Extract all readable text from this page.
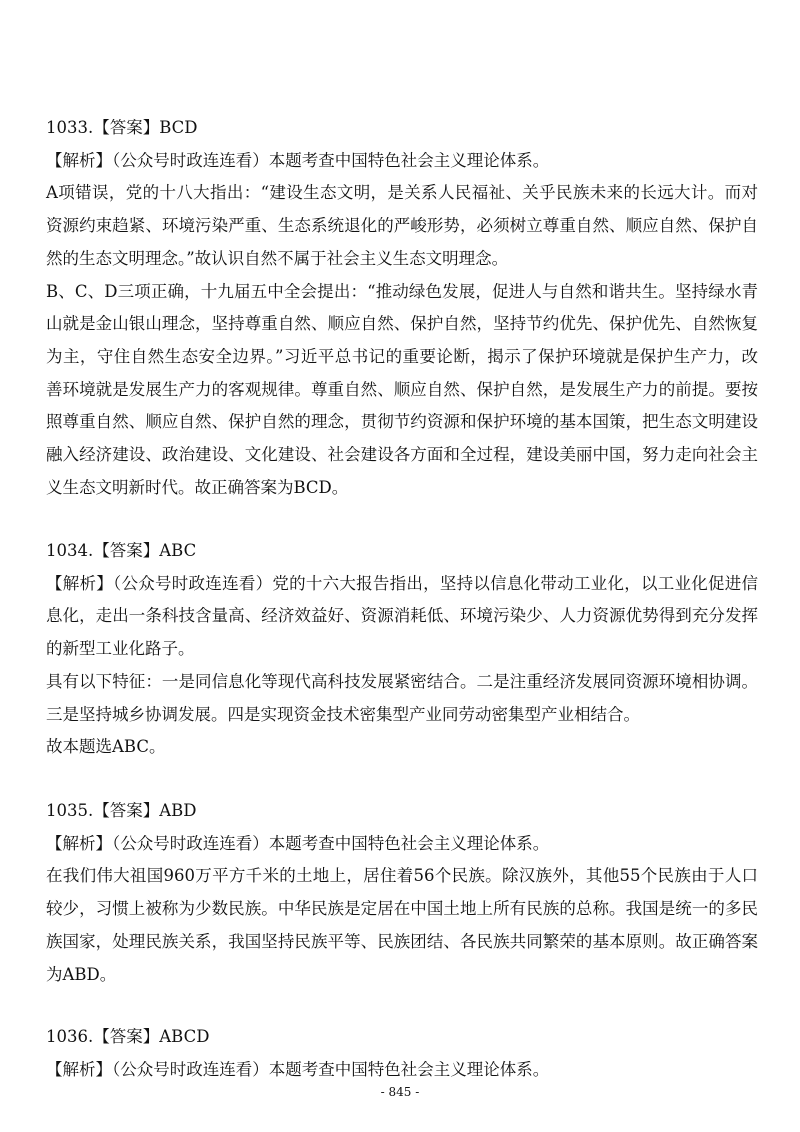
1033.【答案】BCD
【解析】（公众号时政连连看）本题考查中国特色社会主义理论体系。
A项错误，党的十八大指出：“建设生态文明，是关系人民福祉、关乎民族未来的长远大计。而对
资源约束趋紧、环境污染严重、生态系统退化的严峻形势，必须树立尊重自然、顺应自然、保护自
然的生态文明理念。”故认识自然不属于社会主义生态文明理念。
B、C、D三项正确，十九届五中全会提出：“推动绿色发展，促进人与自然和谐共生。坚持绿水青
山就是金山银山理念，坚持尊重自然、顺应自然、保护自然，坚持节约优先、保护优先、自然恢复
为主，守住自然生态安全边界。”习近平总书记的重要论断，揭示了保护环境就是保护生产力，改
善环境就是发展生产力的客观规律。尊重自然、顺应自然、保护自然，是发展生产力的前提。要按
照尊重自然、顺应自然、保护自然的理念，贯彻节约资源和保护环境的基本国策，把生态文明建设
融入经济建设、政治建设、文化建设、社会建设各方面和全过程，建设美丽中国，努力走向社会主
义生态文明新时代。故正确答案为BCD。
1034.【答案】ABC
【解析】（公众号时政连连看）党的十六大报告指出，坚持以信息化带动工业化，以工业化促进信
息化，走出一条科技含量高、经济效益好、资源消耗低、环境污染少、人力资源优势得到充分发挥
的新型工业化路子。
具有以下特征：一是同信息化等现代高科技发展紧密结合。二是注重经济发展同资源环境相协调。
三是坚持城乡协调发展。四是实现资金技术密集型产业同劳动密集型产业相结合。
故本题选ABC。
1035.【答案】ABD
【解析】（公众号时政连连看）本题考查中国特色社会主义理论体系。
在我们伟大祖国960万平方千米的土地上，居住着56个民族。除汉族外，其他55个民族由于人口
较少，习惯上被称为少数民族。中华民族是定居在中国土地上所有民族的总称。我国是统一的多民
族国家，处理民族关系，我国坚持民族平等、民族团结、各民族共同繁荣的基本原则。故正确答案
为ABD。
1036.【答案】ABCD
【解析】（公众号时政连连看）本题考查中国特色社会主义理论体系。
- 845 -
